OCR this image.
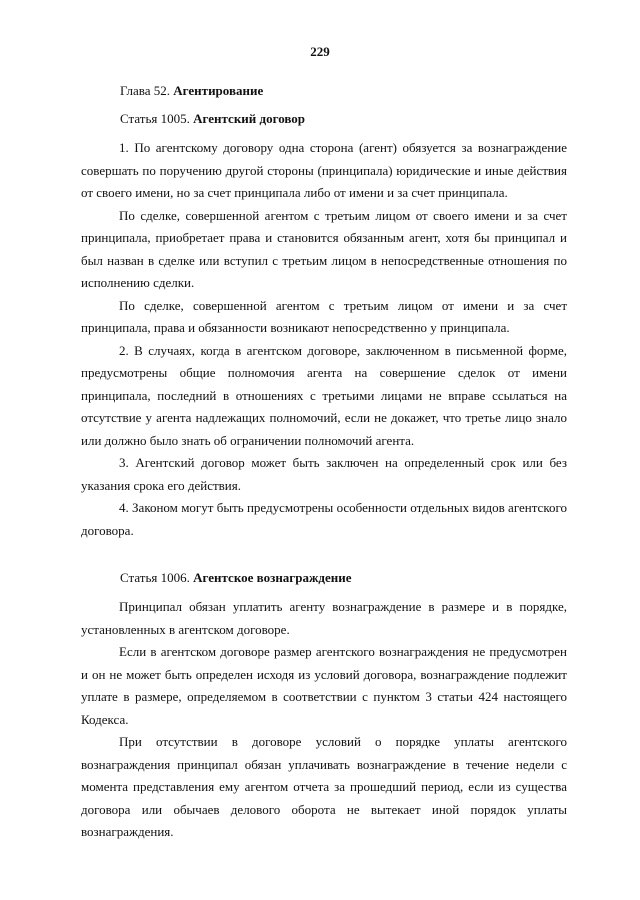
229
Глава 52. Агентирование
Статья 1005. Агентский договор

1. По агентскому договору одна сторона (агент) обязуется за вознаграждение совершать по поручению другой стороны (принципала) юридические и иные действия от своего имени, но за счет принципала либо от имени и за счет принципала.

По сделке, совершенной агентом с третьим лицом от своего имени и за счет принципала, приобретает права и становится обязанным агент, хотя бы принципал и был назван в сделке или вступил с третьим лицом в непосредственные отношения по исполнению сделки.

По сделке, совершенной агентом с третьим лицом от имени и за счет принципала, права и обязанности возникают непосредственно у принципала.

2. В случаях, когда в агентском договоре, заключенном в письменной форме, предусмотрены общие полномочия агента на совершение сделок от имени принципала, последний в отношениях с третьими лицами не вправе ссылаться на отсутствие у агента надлежащих полномочий, если не докажет, что третье лицо знало или должно было знать об ограничении полномочий агента.

3. Агентский договор может быть заключен на определенный срок или без указания срока его действия.

4. Законом могут быть предусмотрены особенности отдельных видов агентского договора.

Статья 1006. Агентское вознаграждение

Принципал обязан уплатить агенту вознаграждение в размере и в порядке, установленных в агентском договоре.

Если в агентском договоре размер агентского вознаграждения не предусмотрен и он не может быть определен исходя из условий договора, вознаграждение подлежит уплате в размере, определяемом в соответствии с пунктом 3 статьи 424 настоящего Кодекса.

При отсутствии в договоре условий о порядке уплаты агентского вознаграждения принципал обязан уплачивать вознаграждение в течение недели с момента представления ему агентом отчета за прошедший период, если из существа договора или обычаев делового оборота не вытекает иной порядок уплаты вознаграждения.
